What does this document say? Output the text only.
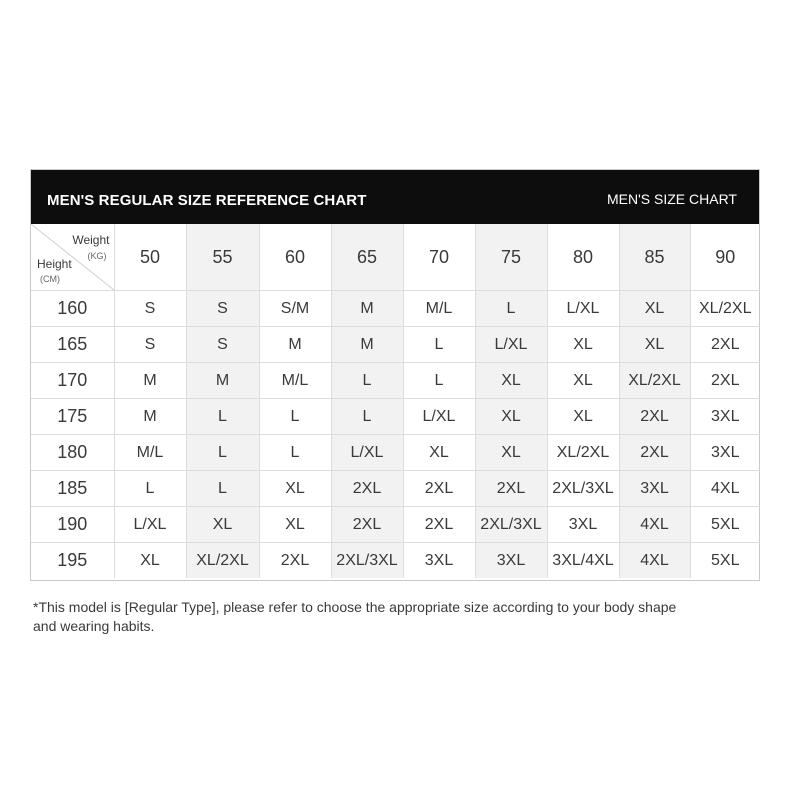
MEN'S REGULAR SIZE REFERENCE CHART	MEN'S SIZE CHART
Weight
(KG)
Height
(CM)	50	55	60	65	70	75	80	85	90
160	S	S	S/M	M	M/L	L	L/XL	XL	XL/2XL
165	S	S	M	M	L	L/XL	XL	XL	2XL
170	M	M	M/L	L	L	XL	XL	XL/2XL	2XL
175	M	L	L	L	L/XL	XL	XL	2XL	3XL
180	M/L	L	L	L/XL	XL	XL	XL/2XL	2XL	3XL
185	L	L	XL	2XL	2XL	2XL	2XL/3XL	3XL	4XL
190	L/XL	XL	XL	2XL	2XL	2XL/3XL	3XL	4XL	5XL
195	XL	XL/2XL	2XL	2XL/3XL	3XL	3XL	3XL/4XL	4XL	5XL
*This model is [Regular Type], please refer to choose the appropriate size according to your body shape and wearing habits.
